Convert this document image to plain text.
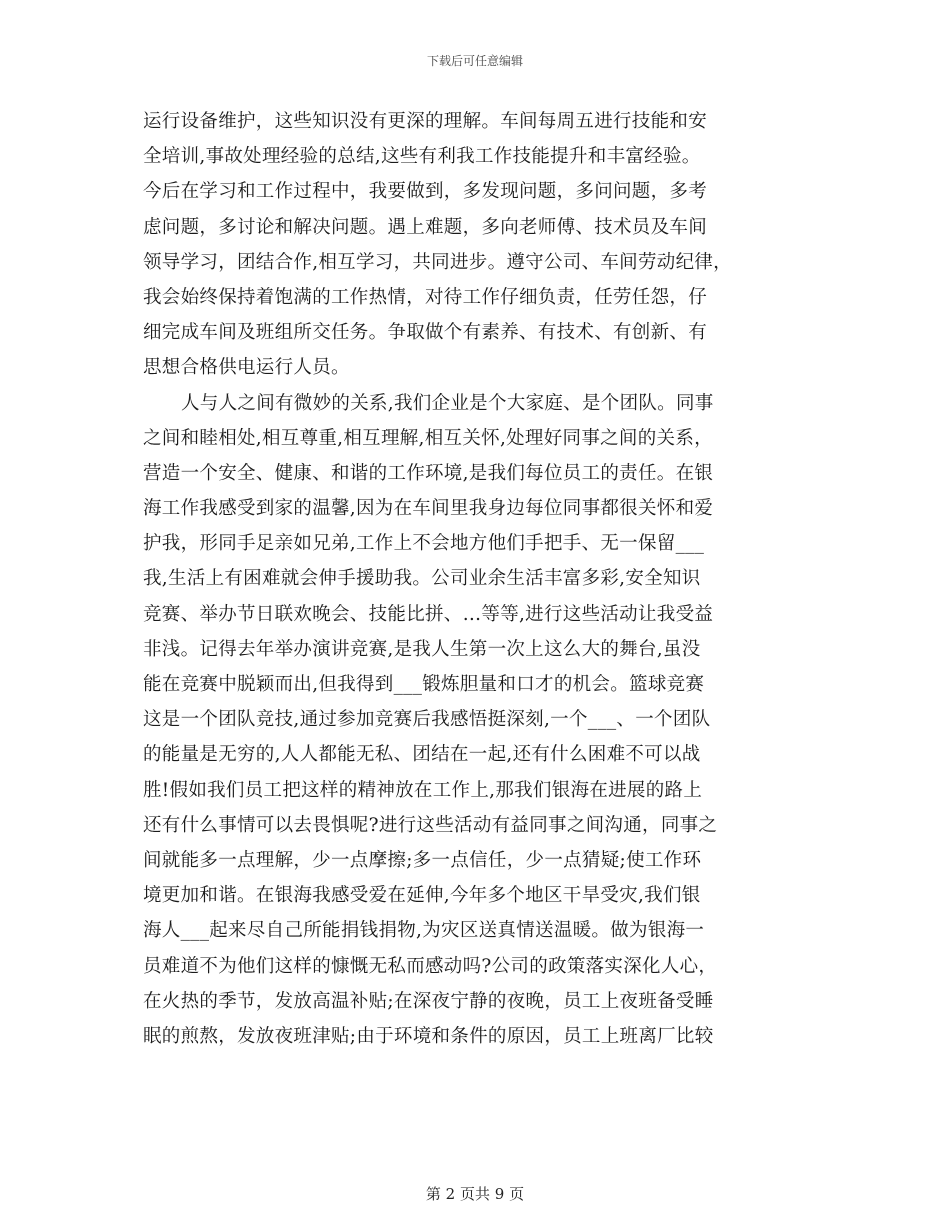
下载后可任意编辑
运行设备维护，这些知识没有更深的理解。车间每周五进行技能和安
全培训,事故处理经验的总结,这些有利我工作技能提升和丰富经验。
今后在学习和工作过程中，我要做到，多发现问题，多问问题，多考
虑问题，多讨论和解决问题。遇上难题，多向老师傅、技术员及车间
领导学习，团结合作,相互学习，共同进步。遵守公司、车间劳动纪律，
我会始终保持着饱满的工作热情，对待工作仔细负责，任劳任怨，仔
细完成车间及班组所交任务。争取做个有素养、有技术、有创新、有
思想合格供电运行人员。
人与人之间有微妙的关系,我们企业是个大家庭、是个团队。同事
之间和睦相处,相互尊重,相互理解,相互关怀,处理好同事之间的关系，
营造一个安全、健康、和谐的工作环境,是我们每位员工的责任。在银
海工作我感受到家的温馨,因为在车间里我身边每位同事都很关怀和爱
护我，形同手足亲如兄弟,工作上不会地方他们手把手、无一保留___
我,生活上有困难就会伸手援助我。公司业余生活丰富多彩,安全知识
竞赛、举办节日联欢晚会、技能比拼、…等等,进行这些活动让我受益
非浅。记得去年举办演讲竞赛,是我人生第一次上这么大的舞台,虽没
能在竞赛中脱颖而出,但我得到___锻炼胆量和口才的机会。篮球竞赛
这是一个团队竞技,通过参加竞赛后我感悟挺深刻,一个___、一个团队
的能量是无穷的,人人都能无私、团结在一起,还有什么困难不可以战
胜!假如我们员工把这样的精神放在工作上,那我们银海在进展的路上
还有什么事情可以去畏惧呢?进行这些活动有益同事之间沟通，同事之
间就能多一点理解，少一点摩擦;多一点信任，少一点猜疑;使工作环
境更加和谐。在银海我感受爱在延伸,今年多个地区干旱受灾,我们银
海人___起来尽自己所能捐钱捐物,为灾区送真情送温暖。做为银海一
员难道不为他们这样的慷慨无私而感动吗?公司的政策落实深化人心，
在火热的季节，发放高温补贴;在深夜宁静的夜晚，员工上夜班备受睡
眠的煎熬，发放夜班津贴;由于环境和条件的原因，员工上班离厂比较
第 2 页共 9 页
